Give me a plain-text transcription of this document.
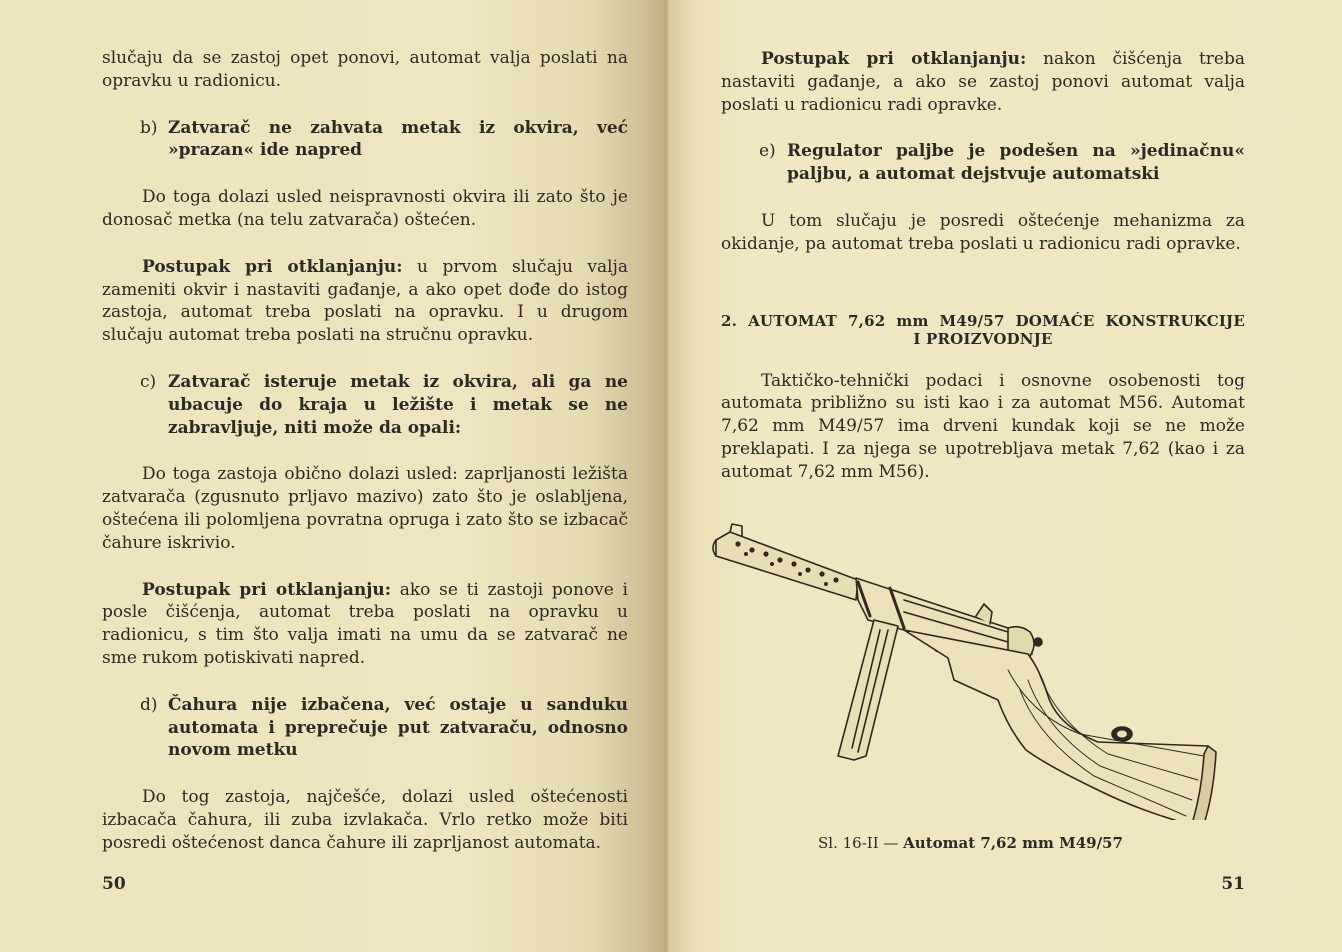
slučaju da se zastoj opet ponovi, automat valja poslati na opravku u radionicu.

b) Zatvarač ne zahvata metak iz okvira, već »prazan« ide napred

Do toga dolazi usled neispravnosti okvira ili zato što je donosač metka (na telu zatvarača) oštećen.

Postupak pri otklanjanju: u prvom slučaju valja zameniti okvir i nastaviti gađanje, a ako opet dođe do istog zastoja, automat treba poslati na opravku. I u drugom slučaju automat treba poslati na stručnu opravku.

c) Zatvarač isteruje metak iz okvira, ali ga ne ubacuje do kraja u ležište i metak se ne zabravljuje, niti može da opali:

Do toga zastoja obično dolazi usled: zaprljanosti ležišta zatvarača (zgusnuto prljavo mazivo) zato što je oslabljena, oštećena ili polomljena povratna opruga i zato što se izbacač čahure iskrivio.

Postupak pri otklanjanju: ako se ti zastoji ponove i posle čišćenja, automat treba poslati na opravku u radionicu, s tim što valja imati na umu da se zatvarač ne sme rukom potiskivati napred.

d) Čahura nije izbačena, već ostaje u sanduku automata i preprečuje put zatvaraču, odnosno novom metku

Do tog zastoja, najčešće, dolazi usled oštećenosti izbacača čahura, ili zuba izvlakača. Vrlo retko može biti posredi oštećenost danca čahure ili zaprljanost automata.

50

Postupak pri otklanjanju: nakon čišćenja treba nastaviti gađanje, a ako se zastoj ponovi automat valja poslati u radionicu radi opravke.

e) Regulator paljbe je podešen na »jedinačnu« paljbu, a automat dejstvuje automatski

U tom slučaju je posredi oštećenje mehanizma za okidanje, pa automat treba poslati u radionicu radi opravke.

2. AUTOMAT 7,62 mm M49/57 DOMAĆE KONSTRUKCIJE
I PROIZVODNJE

Taktičko-tehnički podaci i osnovne osobenosti tog automata približno su isti kao i za automat M56. Automat 7,62 mm M49/57 ima drveni kundak koji se ne može preklapati. I za njega se upotrebljava metak 7,62 (kao i za automat 7,62 mm M56).

Sl. 16-II — Automat 7,62 mm M49/57
51
